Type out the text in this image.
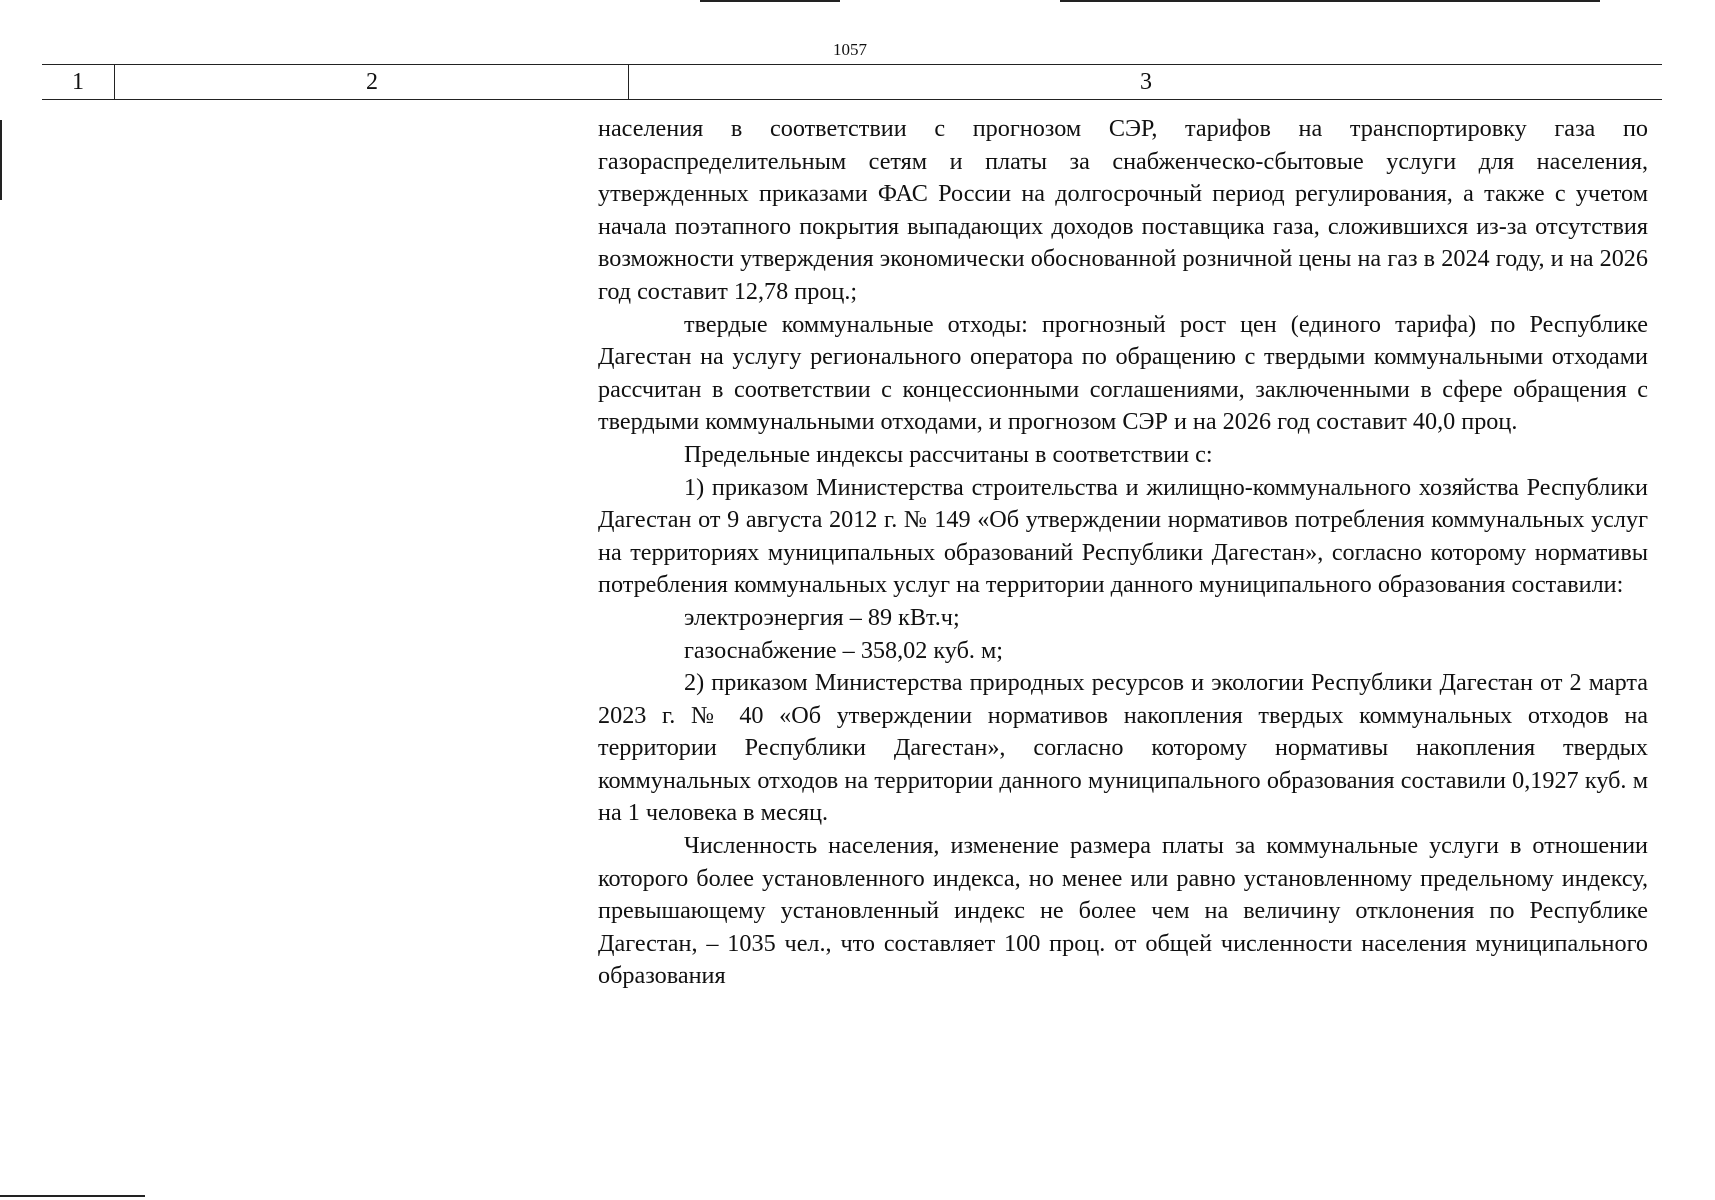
1057
1	2	3

населения в соответствии с прогнозом СЭР, тарифов на транспортировку газа по газораспределительным сетям и платы за снабженческо-сбытовые услуги для населения, утвержденных приказами ФАС России на долгосрочный период регулирования, а также с учетом начала поэтапного покрытия выпадающих доходов поставщика газа, сложившихся из-за отсутствия возможности утверждения экономически обоснованной розничной цены на газ в 2024 году, и на 2026 год составит 12,78 проц.;

твердые коммунальные отходы: прогнозный рост цен (единого тарифа) по Республике Дагестан на услугу регионального оператора по обращению с твердыми коммунальными отходами рассчитан в соответствии с концессионными соглашениями, заключенными в сфере обращения с твердыми коммунальными отходами, и прогнозом СЭР и на 2026 год составит 40,0 проц.

Предельные индексы рассчитаны в соответствии с:

1) приказом Министерства строительства и жилищно-коммунального хозяйства Республики Дагестан от 9 августа 2012 г. № 149 «Об утверждении нормативов потребления коммунальных услуг на территориях муниципальных образований Республики Дагестан», согласно которому нормативы потребления коммунальных услуг на территории данного муниципального образования составили:

электроэнергия – 89 кВт.ч;

газоснабжение – 358,02 куб. м;

2) приказом Министерства природных ресурсов и экологии Республики Дагестан от 2 марта 2023 г. № 40 «Об утверждении нормативов накопления твердых коммунальных отходов на территории Республики Дагестан», согласно которому нормативы накопления твердых коммунальных отходов на территории данного муниципального образования составили 0,1927 куб. м на 1 человека в месяц.

Численность населения, изменение размера платы за коммунальные услуги в отношении которого более установленного индекса, но менее или равно установленному предельному индексу, превышающему установленный индекс не более чем на величину отклонения по Республике Дагестан, – 1035 чел., что составляет 100 проц. от общей численности населения муниципального образования
